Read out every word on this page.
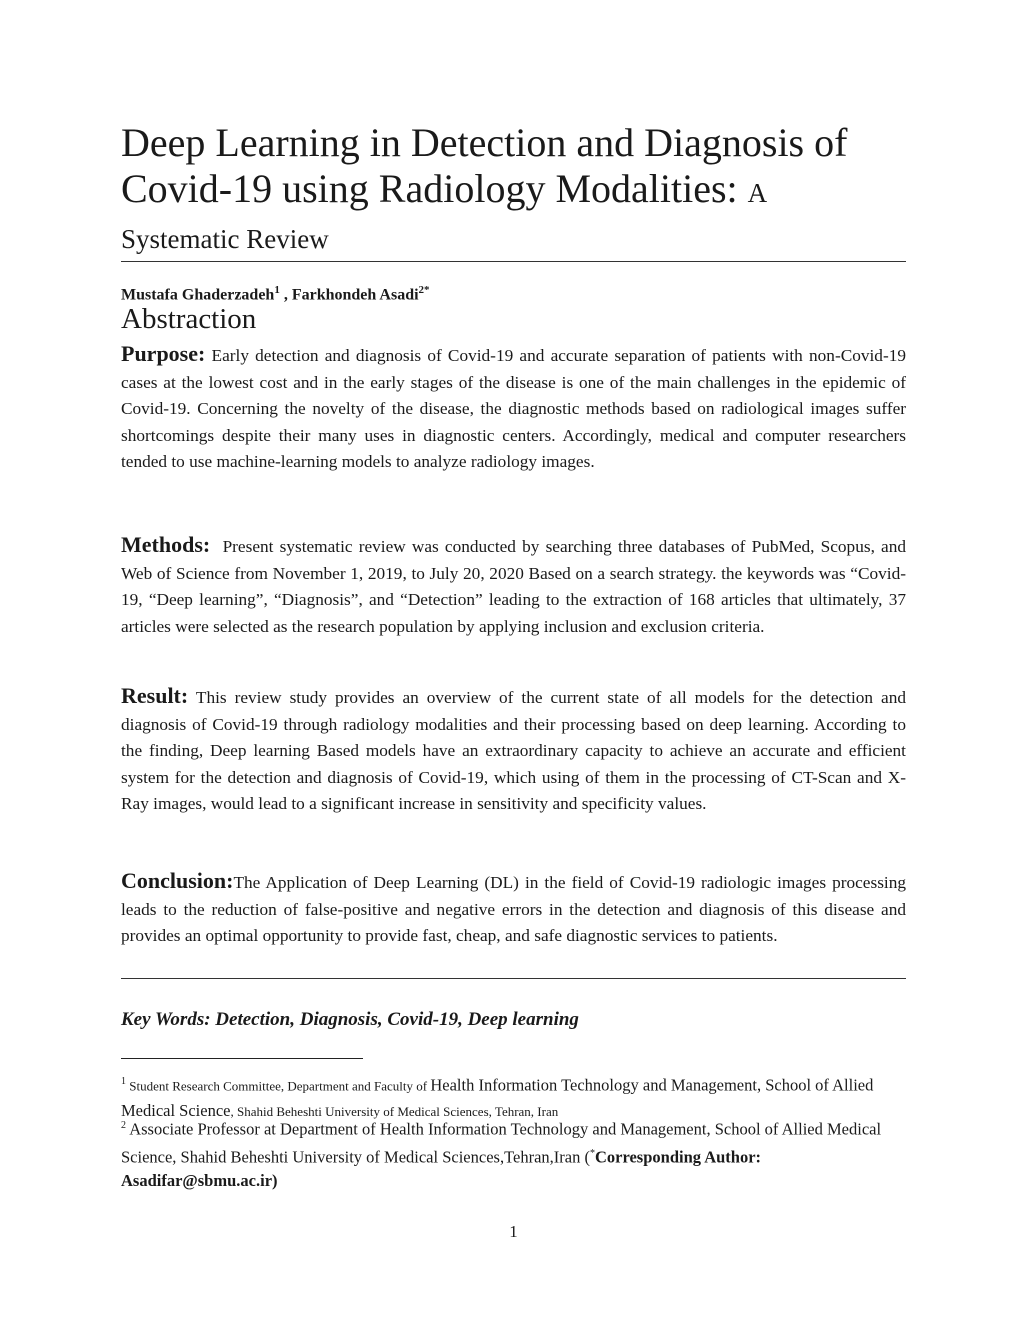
Deep Learning in Detection and Diagnosis of Covid-19 using Radiology Modalities: A
Systematic Review
Mustafa Ghaderzadeh$^1$ , Farkhondeh Asadi$^{2*}$
Abstraction

Purpose: Early detection and diagnosis of Covid-19 and accurate separation of patients with non-Covid-19 cases at the lowest cost and in the early stages of the disease is one of the main challenges in the epidemic of Covid-19. Concerning the novelty of the disease, the diagnostic methods based on radiological images suffer shortcomings despite their many uses in diagnostic centers. Accordingly, medical and computer researchers tended to use machine-learning models to analyze radiology images.

Methods: Present systematic review was conducted by searching three databases of PubMed, Scopus, and Web of Science from November 1, 2019, to July 20, 2020 Based on a search strategy. the keywords was “Covid-19, “Deep learning”, “Diagnosis”, and “Detection” leading to the extraction of 168 articles that ultimately, 37 articles were selected as the research population by applying inclusion and exclusion criteria.

Result: This review study provides an overview of the current state of all models for the detection and diagnosis of Covid-19 through radiology modalities and their processing based on deep learning. According to the finding, Deep learning Based models have an extraordinary capacity to achieve an accurate and efficient system for the detection and diagnosis of Covid-19, which using of them in the processing of CT-Scan and X-Ray images, would lead to a significant increase in sensitivity and specificity values.

Conclusion:The Application of Deep Learning (DL) in the field of Covid-19 radiologic images processing leads to the reduction of false-positive and negative errors in the detection and diagnosis of this disease and provides an optimal opportunity to provide fast, cheap, and safe diagnostic services to patients.

Key Words: Detection, Diagnosis, Covid-19, Deep learning

$^1$ Student Research Committee, Department and Faculty of Health Information Technology and Management, School of Allied Medical Science, Shahid Beheshti University of Medical Sciences, Tehran, Iran

$^2$ Associate Professor at Department of Health Information Technology and Management, School of Allied Medical Science, Shahid Beheshti University of Medical Sciences,Tehran,Iran (*Corresponding Author: Asadifar@sbmu.ac.ir)

1
